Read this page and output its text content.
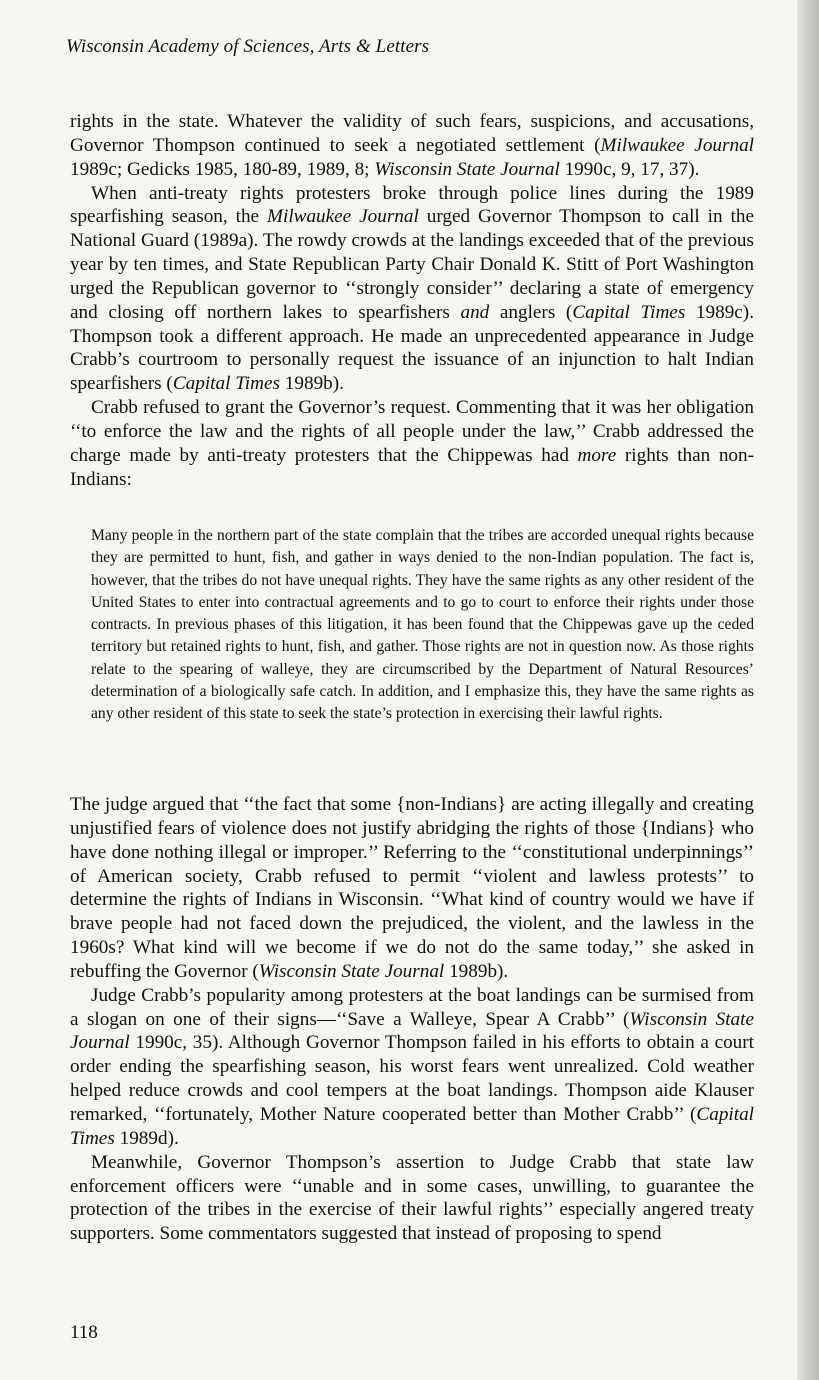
Wisconsin Academy of Sciences, Arts & Letters

rights in the state. Whatever the validity of such fears, suspicions, and accusations, Governor Thompson continued to seek a negotiated settlement (Milwaukee Journal 1989c; Gedicks 1985, 180-89, 1989, 8; Wisconsin State Journal 1990c, 9, 17, 37).

When anti-treaty rights protesters broke through police lines during the 1989 spearfishing season, the Milwaukee Journal urged Governor Thompson to call in the National Guard (1989a). The rowdy crowds at the landings exceeded that of the previous year by ten times, and State Republican Party Chair Donald K. Stitt of Port Washington urged the Republican governor to ‘‘strongly consider’’ declaring a state of emergency and closing off northern lakes to spearfishers and anglers (Capital Times 1989c). Thompson took a different approach. He made an unprecedented appearance in Judge Crabb’s courtroom to personally request the issuance of an injunction to halt Indian spearfishers (Capital Times 1989b).

Crabb refused to grant the Governor’s request. Commenting that it was her obligation ‘‘to enforce the law and the rights of all people under the law,’’ Crabb addressed the charge made by anti-treaty protesters that the Chippewas had more rights than non-Indians:

Many people in the northern part of the state complain that the tribes are accorded unequal rights because they are permitted to hunt, fish, and gather in ways denied to the non-Indian population. The fact is, however, that the tribes do not have unequal rights. They have the same rights as any other resident of the United States to enter into contractual agreements and to go to court to enforce their rights under those contracts. In previous phases of this litigation, it has been found that the Chippewas gave up the ceded territory but retained rights to hunt, fish, and gather. Those rights are not in question now. As those rights relate to the spearing of walleye, they are circumscribed by the Department of Natural Resources’ determination of a biologically safe catch. In addition, and I emphasize this, they have the same rights as any other resident of this state to seek the state’s protection in exercising their lawful rights.

The judge argued that ‘‘the fact that some {non-Indians} are acting illegally and creating unjustified fears of violence does not justify abridging the rights of those {Indians} who have done nothing illegal or improper.’’ Referring to the ‘‘constitutional underpinnings’’ of American society, Crabb refused to permit ‘‘violent and lawless protests’’ to determine the rights of Indians in Wisconsin. ‘‘What kind of country would we have if brave people had not faced down the prejudiced, the violent, and the lawless in the 1960s? What kind will we become if we do not do the same today,’’ she asked in rebuffing the Governor (Wisconsin State Journal 1989b).

Judge Crabb’s popularity among protesters at the boat landings can be surmised from a slogan on one of their signs—‘‘Save a Walleye, Spear A Crabb’’ (Wisconsin State Journal 1990c, 35). Although Governor Thompson failed in his efforts to obtain a court order ending the spearfishing season, his worst fears went unrealized. Cold weather helped reduce crowds and cool tempers at the boat landings. Thompson aide Klauser remarked, ‘‘fortunately, Mother Nature cooperated better than Mother Crabb’’ (Capital Times 1989d).

Meanwhile, Governor Thompson’s assertion to Judge Crabb that state law enforcement officers were ‘‘unable and in some cases, unwilling, to guarantee the protection of the tribes in the exercise of their lawful rights’’ especially angered treaty supporters. Some commentators suggested that instead of proposing to spend

118
